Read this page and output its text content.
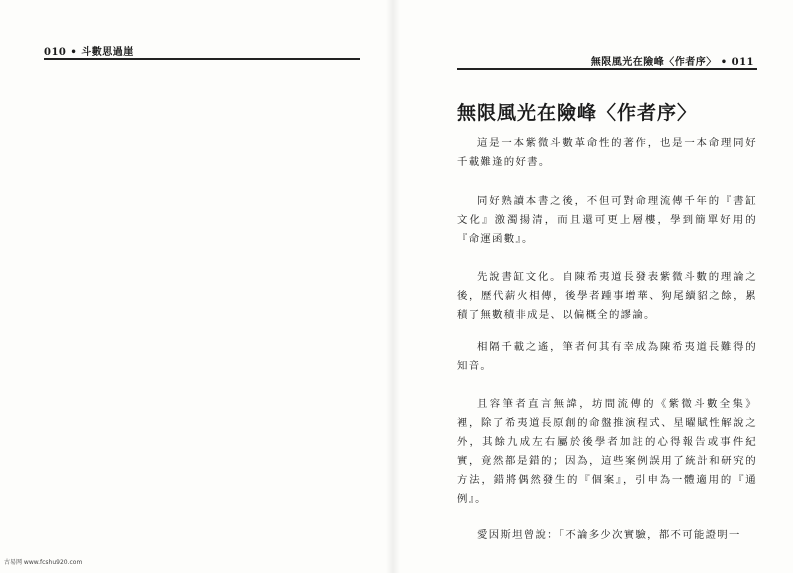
010 • 斗數思過崖
無限風光在險峰〈作者序〉 • 011
無限風光在險峰〈作者序〉
這是一本紫微斗數革命性的著作，也是一本命理同好千載難逢的好書。
同好熟讀本書之後，不但可對命理流傳千年的『書缸文化』激濁揚清，而且還可更上層樓，學到簡單好用的『命運函數』。
先說書缸文化。自陳希夷道長發表紫微斗數的理論之後，歷代薪火相傳，後學者踵事增華、狗尾續貂之餘，累積了無數積非成是、以偏概全的謬論。
相隔千載之遙，筆者何其有幸成為陳希夷道長難得的知音。
且容筆者直言無諱，坊間流傳的《紫微斗數全集》裡，除了希夷道長原創的命盤推演程式、星曜賦性解說之外，其餘九成左右屬於後學者加註的心得報告或事件紀實，竟然都是錯的；因為，這些案例誤用了統計和研究的方法，錯將偶然發生的『個案』，引申為一體適用的『通例』。
愛因斯坦曾說：「不論多少次實驗，都不可能證明一
古易网 www.fcshu920.com
